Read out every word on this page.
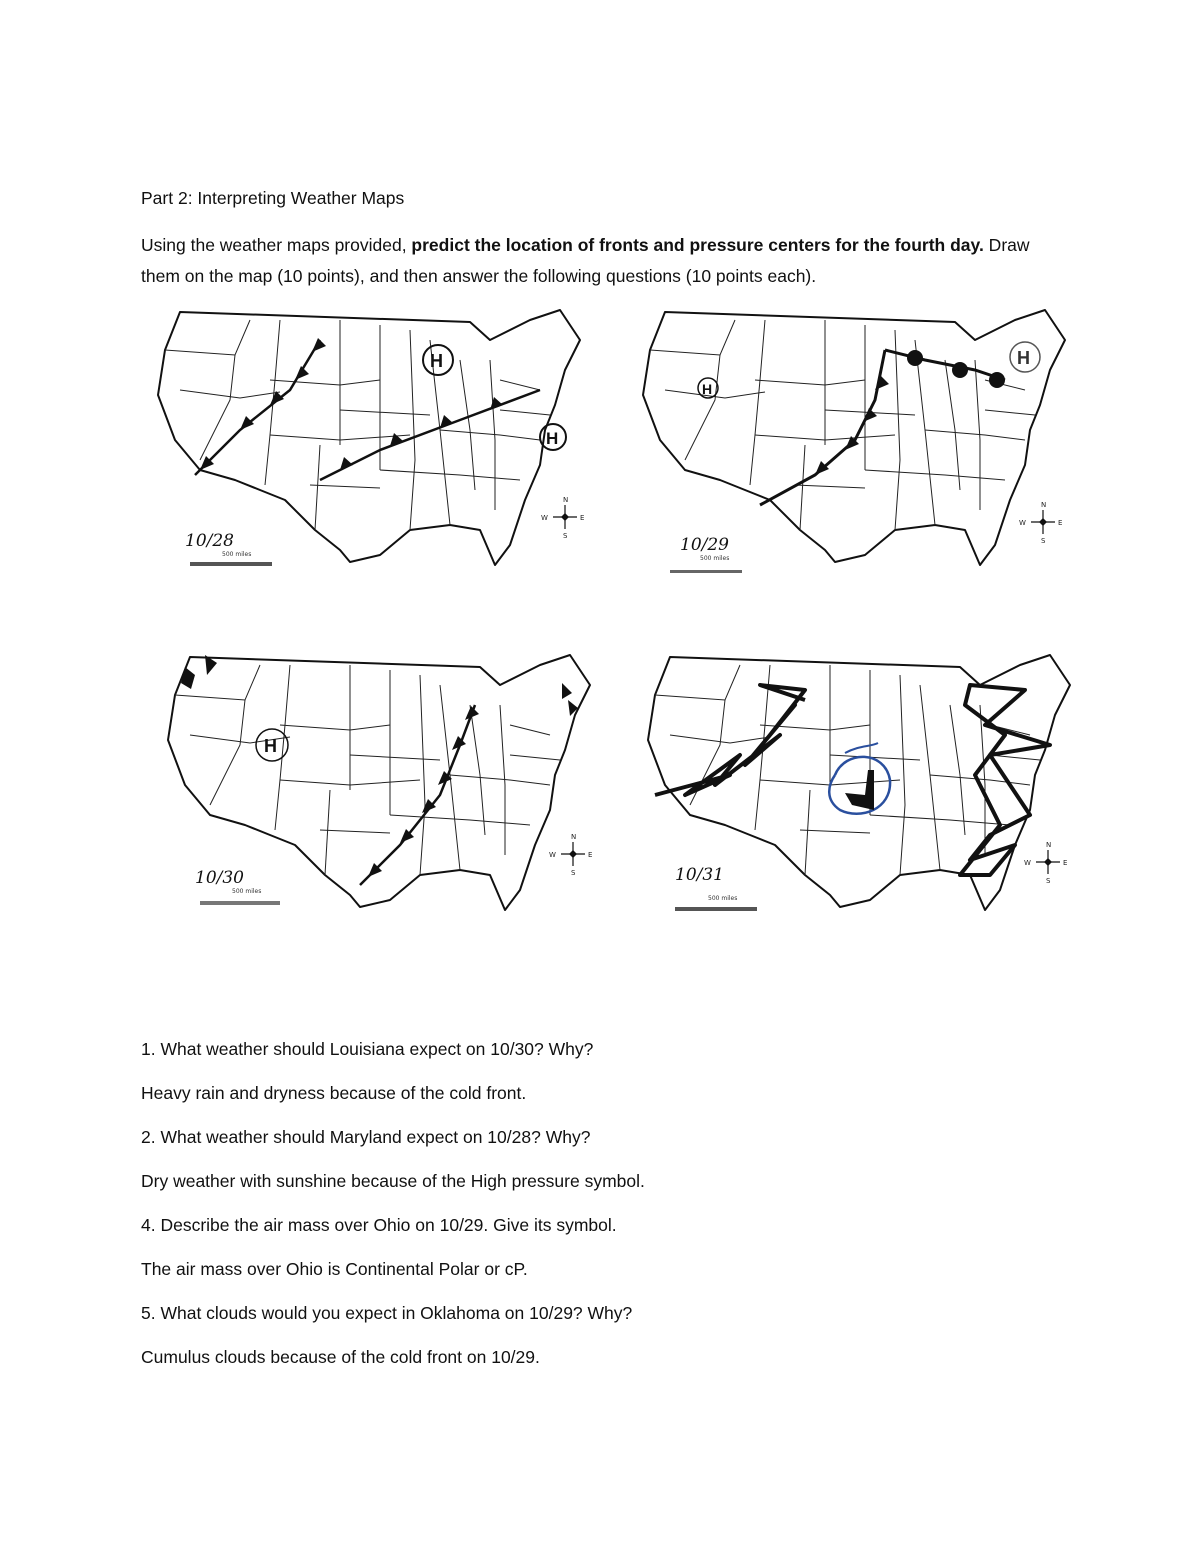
Part 2: Interpreting Weather Maps
Using the weather maps provided, predict the location of fronts and pressure centers for the fourth day. Draw them on the map (10 points), and then answer the following questions (10 points each).
H
H
10/28
500 miles
N
W	E
S
H
H
10/29
500 miles
N
W	E
S
H
10/30
500 miles
N
W	E
S
L
10/31
500 miles
N
W	E
S
1. What weather should Louisiana expect on 10/30? Why?
Heavy rain and dryness because of the cold front.
2. What weather should Maryland expect on 10/28? Why?
Dry weather with sunshine because of the High pressure symbol.
4. Describe the air mass over Ohio on 10/29. Give its symbol.
The air mass over Ohio is Continental Polar or cP.
5. What clouds would you expect in Oklahoma on 10/29? Why?
Cumulus clouds because of the cold front on 10/29.
